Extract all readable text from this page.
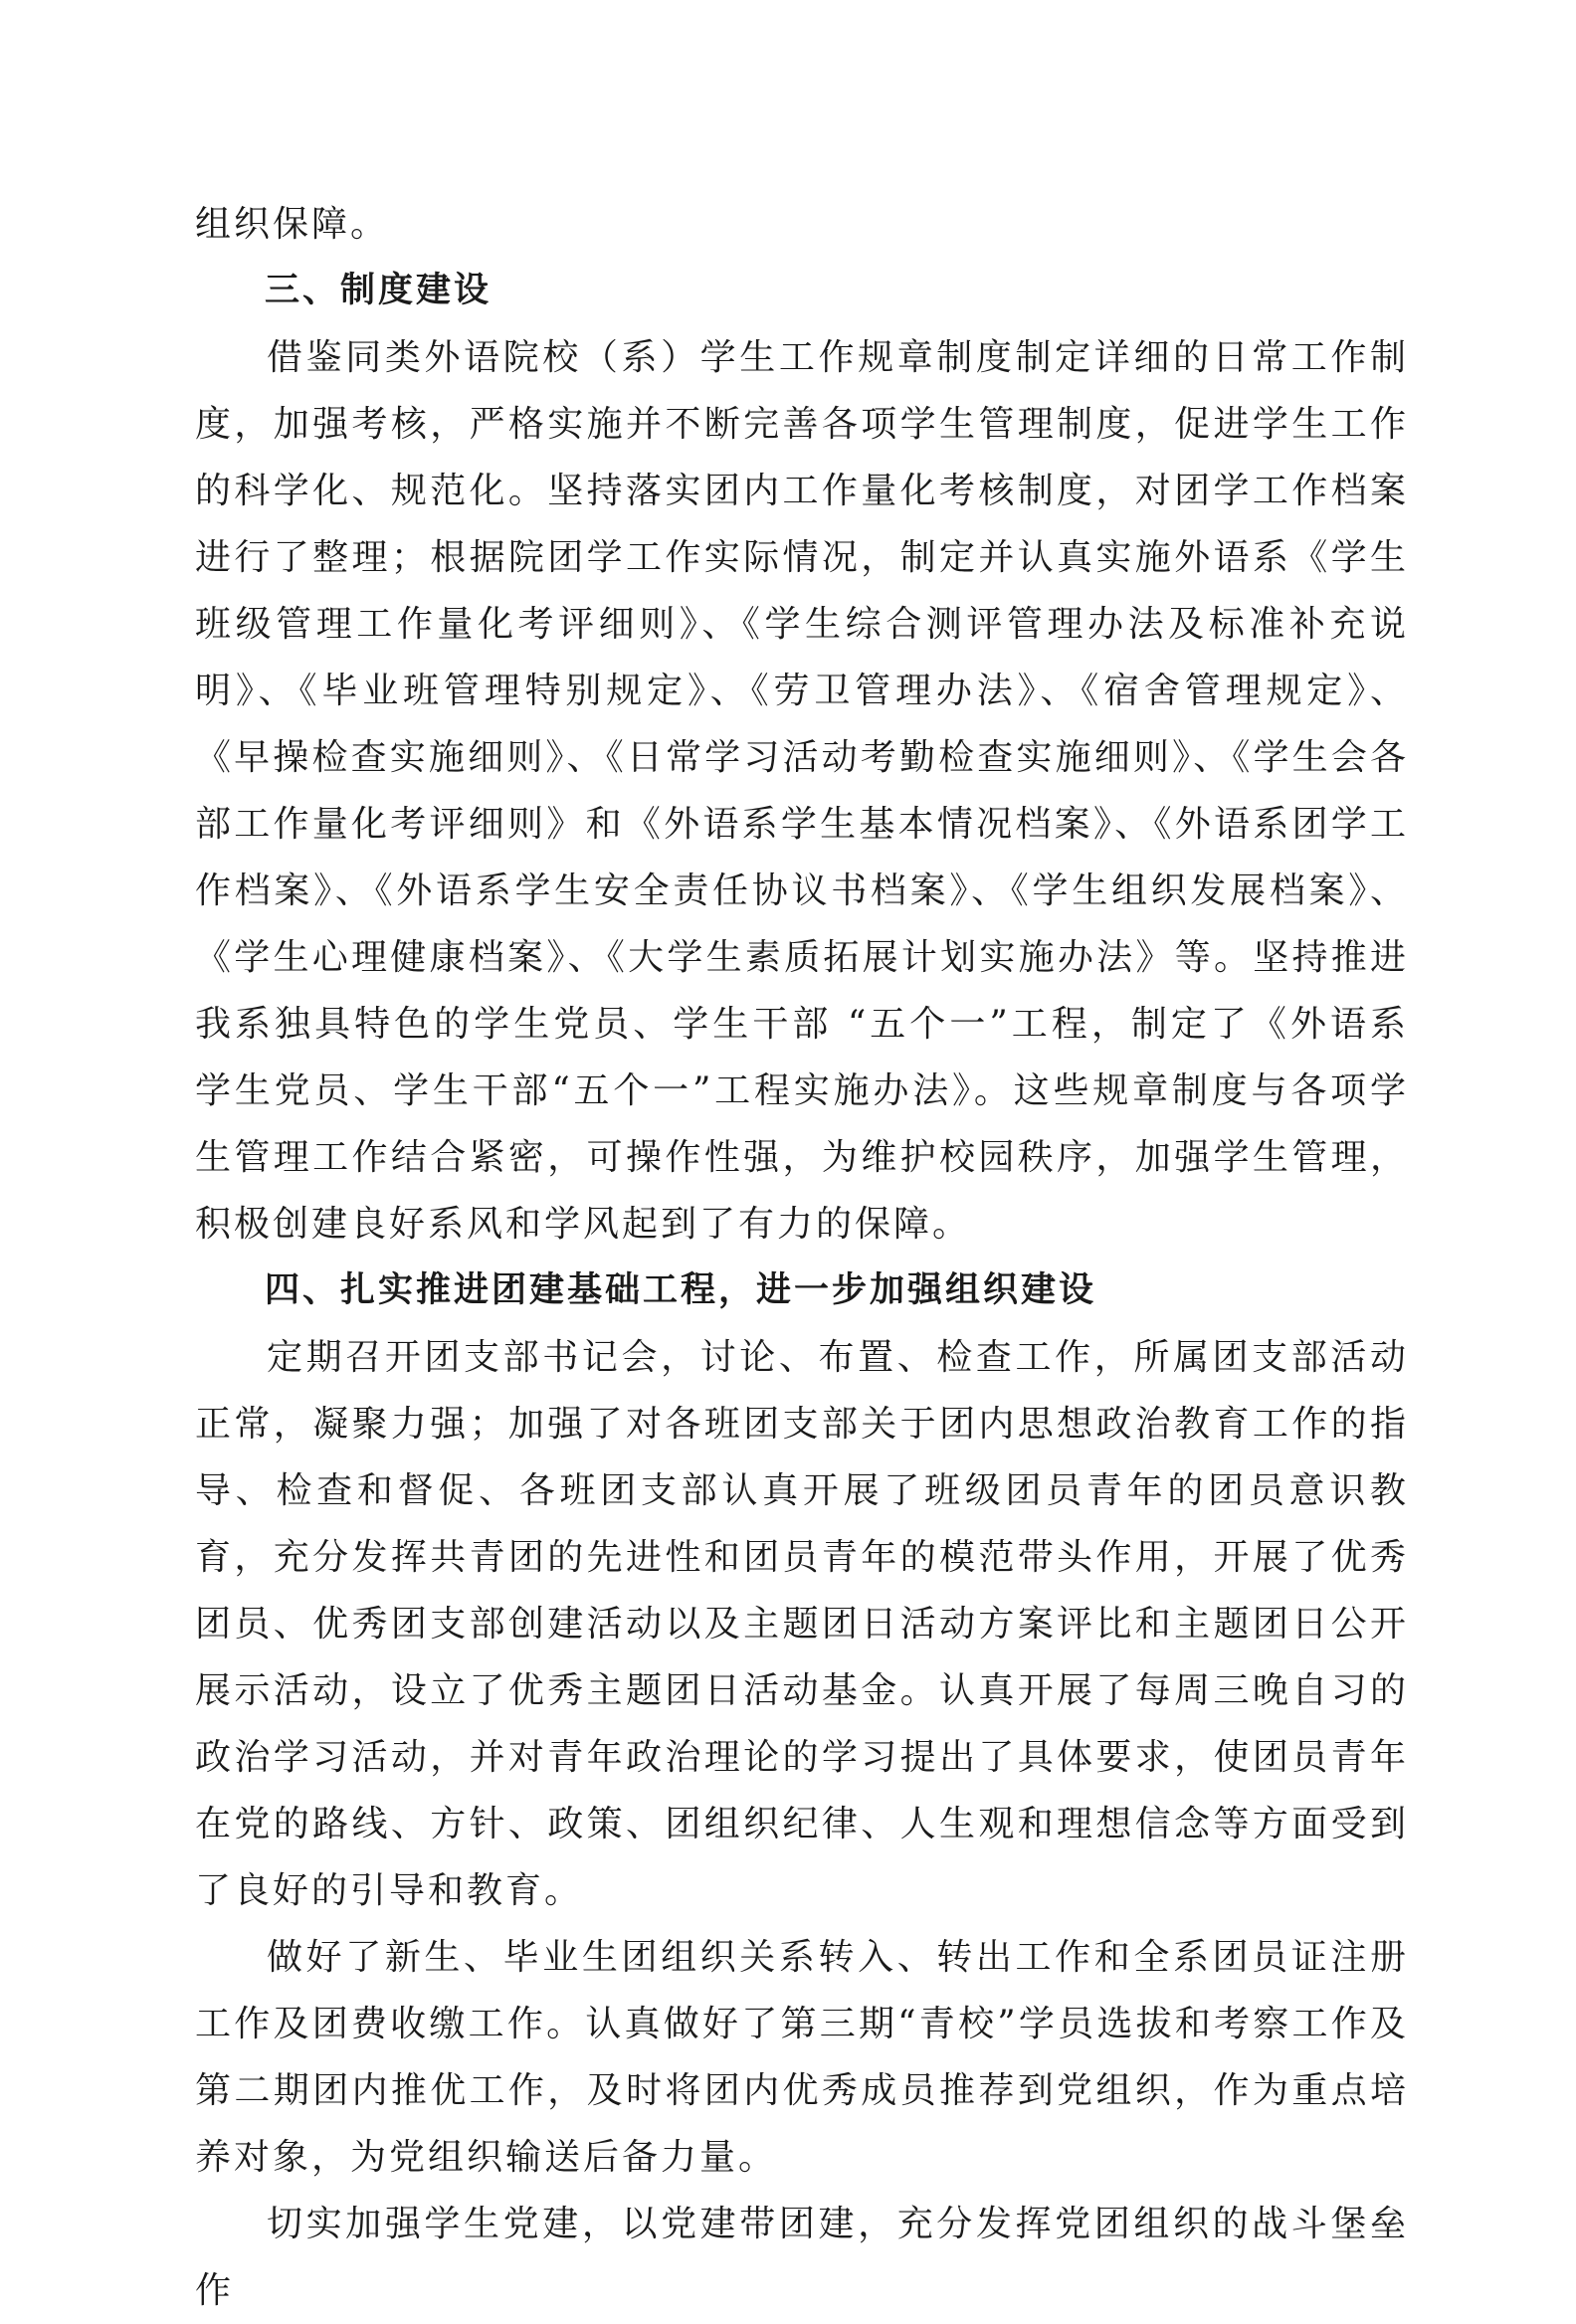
组织保障。

三、制度建设

借鉴同类外语院校（系）学生工作规章制度制定详细的日常工作制度，加强考核，严格实施并不断完善各项学生管理制度，促进学生工作的科学化、规范化。坚持落实团内工作量化考核制度，对团学工作档案进行了整理；根据院团学工作实际情况，制定并认真实施外语系《学生班级管理工作量化考评细则》、《学生综合测评管理办法及标准补充说明》、《毕业班管理特别规定》、《劳卫管理办法》、《宿舍管理规定》、《早操检查实施细则》、《日常学习活动考勤检查实施细则》、《学生会各部工作量化考评细则》和《外语系学生基本情况档案》、《外语系团学工作档案》、《外语系学生安全责任协议书档案》、《学生组织发展档案》、《学生心理健康档案》、《大学生素质拓展计划实施办法》等。坚持推进我系独具特色的学生党员、学生干部 “五个一”工程，制定了《外语系学生党员、学生干部“五个一”工程实施办法》。这些规章制度与各项学生管理工作结合紧密，可操作性强，为维护校园秩序，加强学生管理，积极创建良好系风和学风起到了有力的保障。

四、扎实推进团建基础工程，进一步加强组织建设

定期召开团支部书记会，讨论、布置、检查工作，所属团支部活动正常，凝聚力强；加强了对各班团支部关于团内思想政治教育工作的指导、检查和督促、各班团支部认真开展了班级团员青年的团员意识教育，充分发挥共青团的先进性和团员青年的模范带头作用，开展了优秀团员、优秀团支部创建活动以及主题团日活动方案评比和主题团日公开展示活动，设立了优秀主题团日活动基金。认真开展了每周三晚自习的政治学习活动，并对青年政治理论的学习提出了具体要求，使团员青年在党的路线、方针、政策、团组织纪律、人生观和理想信念等方面受到了良好的引导和教育。

做好了新生、毕业生团组织关系转入、转出工作和全系团员证注册工作及团费收缴工作。认真做好了第三期“青校”学员选拔和考察工作及第二期团内推优工作，及时将团内优秀成员推荐到党组织，作为重点培养对象，为党组织输送后备力量。

切实加强学生党建，以党建带团建，充分发挥党团组织的战斗堡垒作
